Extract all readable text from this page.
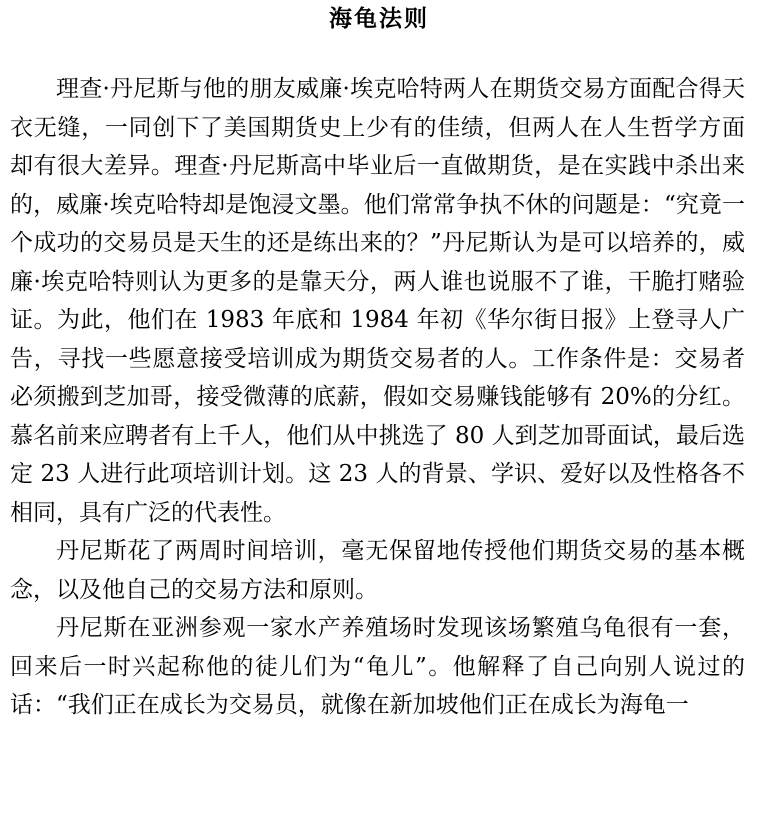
海龟法则

理查·丹尼斯与他的朋友威廉·埃克哈特两人在期货交易方面配合得天衣无缝，一同创下了美国期货史上少有的佳绩，但两人在人生哲学方面却有很大差异。理查·丹尼斯高中毕业后一直做期货，是在实践中杀出来的，威廉·埃克哈特却是饱浸文墨。他们常常争执不休的问题是：“究竟一个成功的交易员是天生的还是练出来的？”丹尼斯认为是可以培养的，威廉·埃克哈特则认为更多的是靠天分，两人谁也说服不了谁，干脆打赌验证。为此，他们在 1983 年底和 1984 年初《华尔街日报》上登寻人广告，寻找一些愿意接受培训成为期货交易者的人。工作条件是：交易者必须搬到芝加哥，接受微薄的底薪，假如交易赚钱能够有 20%的分红。慕名前来应聘者有上千人，他们从中挑选了 80 人到芝加哥面试，最后选定 23 人进行此项培训计划。这 23 人的背景、学识、爱好以及性格各不相同，具有广泛的代表性。

丹尼斯花了两周时间培训，毫无保留地传授他们期货交易的基本概念，以及他自己的交易方法和原则。

丹尼斯在亚洲参观一家水产养殖场时发现该场繁殖乌龟很有一套，回来后一时兴起称他的徒儿们为“龟儿”。他解释了自己向别人说过的话：“我们正在成长为交易员，就像在新加坡他们正在成长为海龟一
